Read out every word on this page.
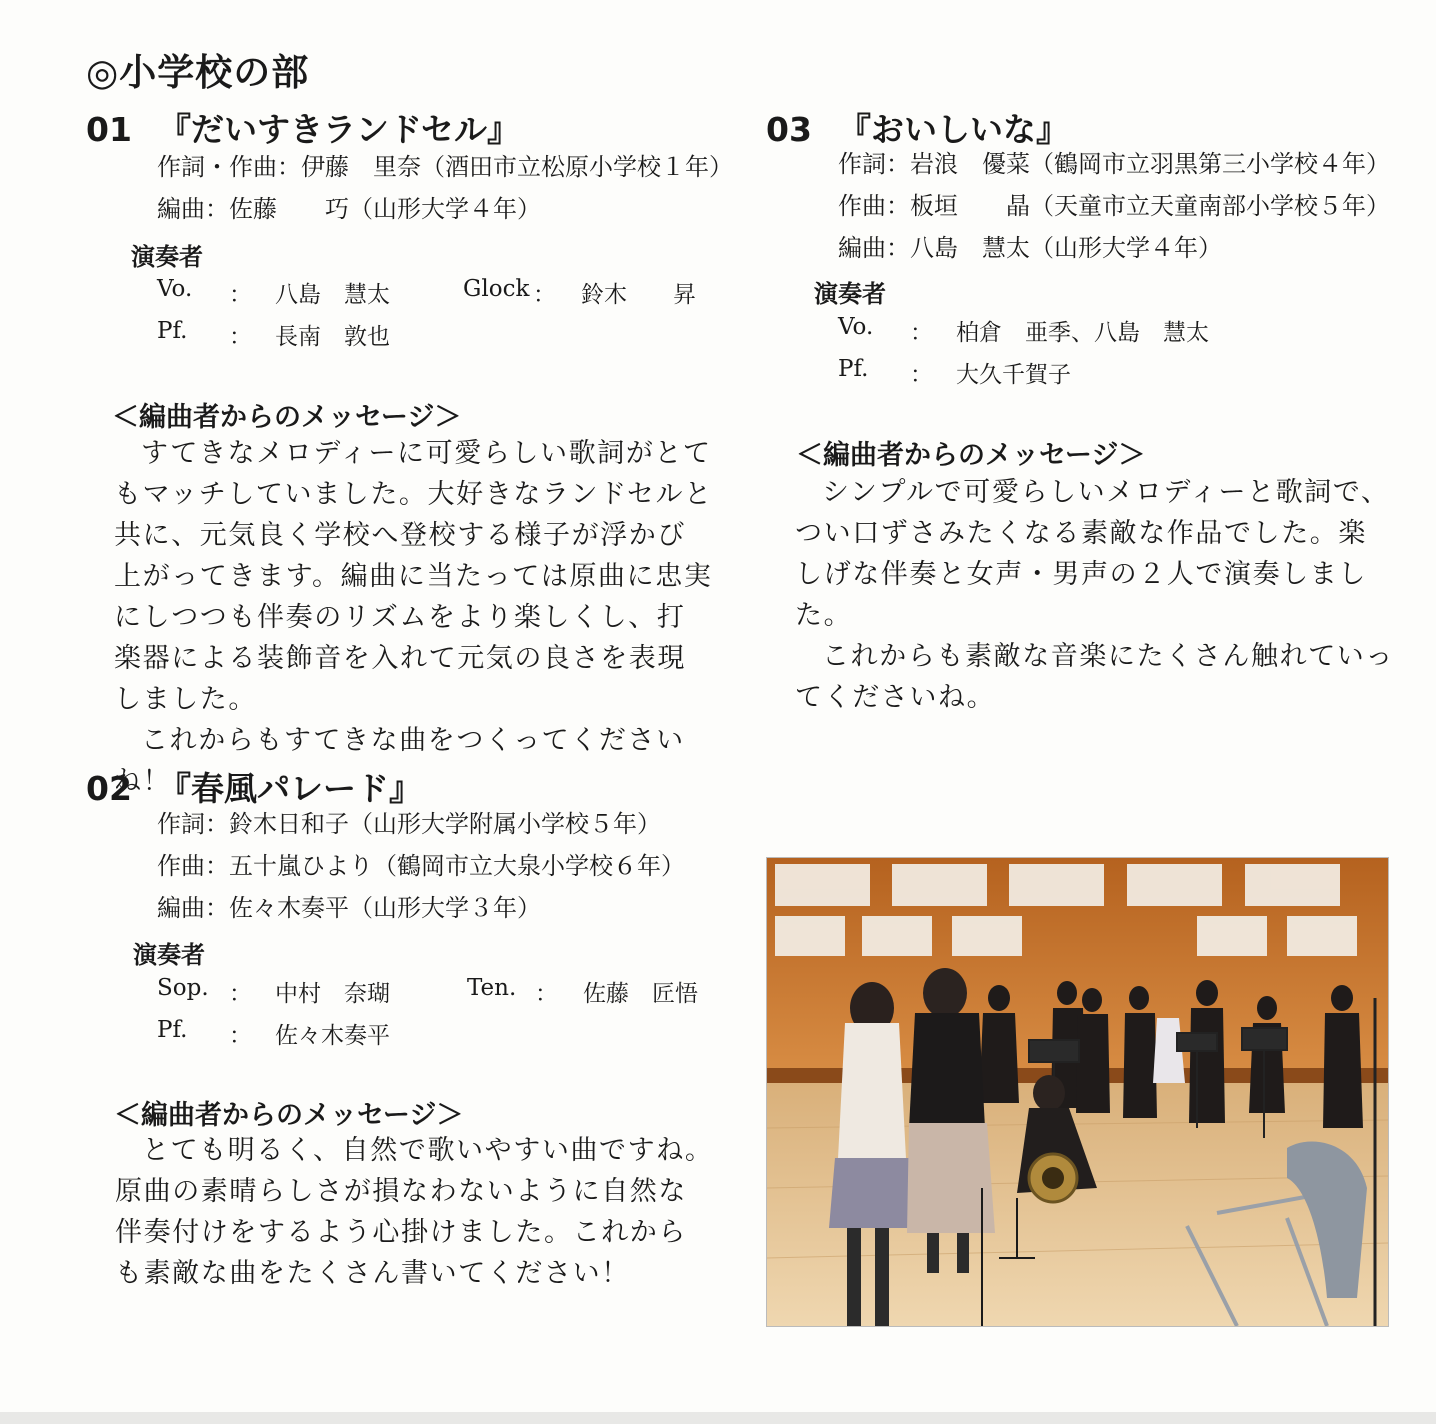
◎小学校の部
01 『だいすきランドセル』
作詞・作曲：伊藤　里奈（酒田市立松原小学校１年）
編曲：佐藤　　巧（山形大学４年）
演奏者
Vo. ： 八島　慧太	Glock ： 鈴木　　昇
Pf. ： 長南　敦也
＜編曲者からのメッセージ＞

すてきなメロディーに可愛らしい歌詞がとてもマッチしていました。大好きなランドセルと共に、元気良く学校へ登校する様子が浮かび上がってきます。編曲に当たっては原曲に忠実にしつつも伴奏のリズムをより楽しくし、打楽器による装飾音を入れて元気の良さを表現しました。

これからもすてきな曲をつくってくださいね！

02 『春風パレード』
作詞：鈴木日和子（山形大学附属小学校５年）
作曲：五十嵐ひより（鶴岡市立大泉小学校６年）
編曲：佐々木奏平（山形大学３年）
演奏者
Sop. ： 中村　奈瑚	Ten. ： 佐藤　匠悟
Pf. ： 佐々木奏平
＜編曲者からのメッセージ＞

とても明るく、自然で歌いやすい曲ですね。原曲の素晴らしさが損なわないように自然な伴奏付けをするよう心掛けました。これからも素敵な曲をたくさん書いてください！

03 『おいしいな』
作詞：岩浪　優菜（鶴岡市立羽黒第三小学校４年）
作曲：板垣　　晶（天童市立天童南部小学校５年）
編曲：八島　慧太（山形大学４年）
演奏者
Vo. ： 柏倉　亜季、八島　慧太
Pf. ： 大久千賀子
＜編曲者からのメッセージ＞

シンプルで可愛らしいメロディーと歌詞で、つい口ずさみたくなる素敵な作品でした。楽しげな伴奏と女声・男声の２人で演奏しました。

これからも素敵な音楽にたくさん触れていってくださいね。
